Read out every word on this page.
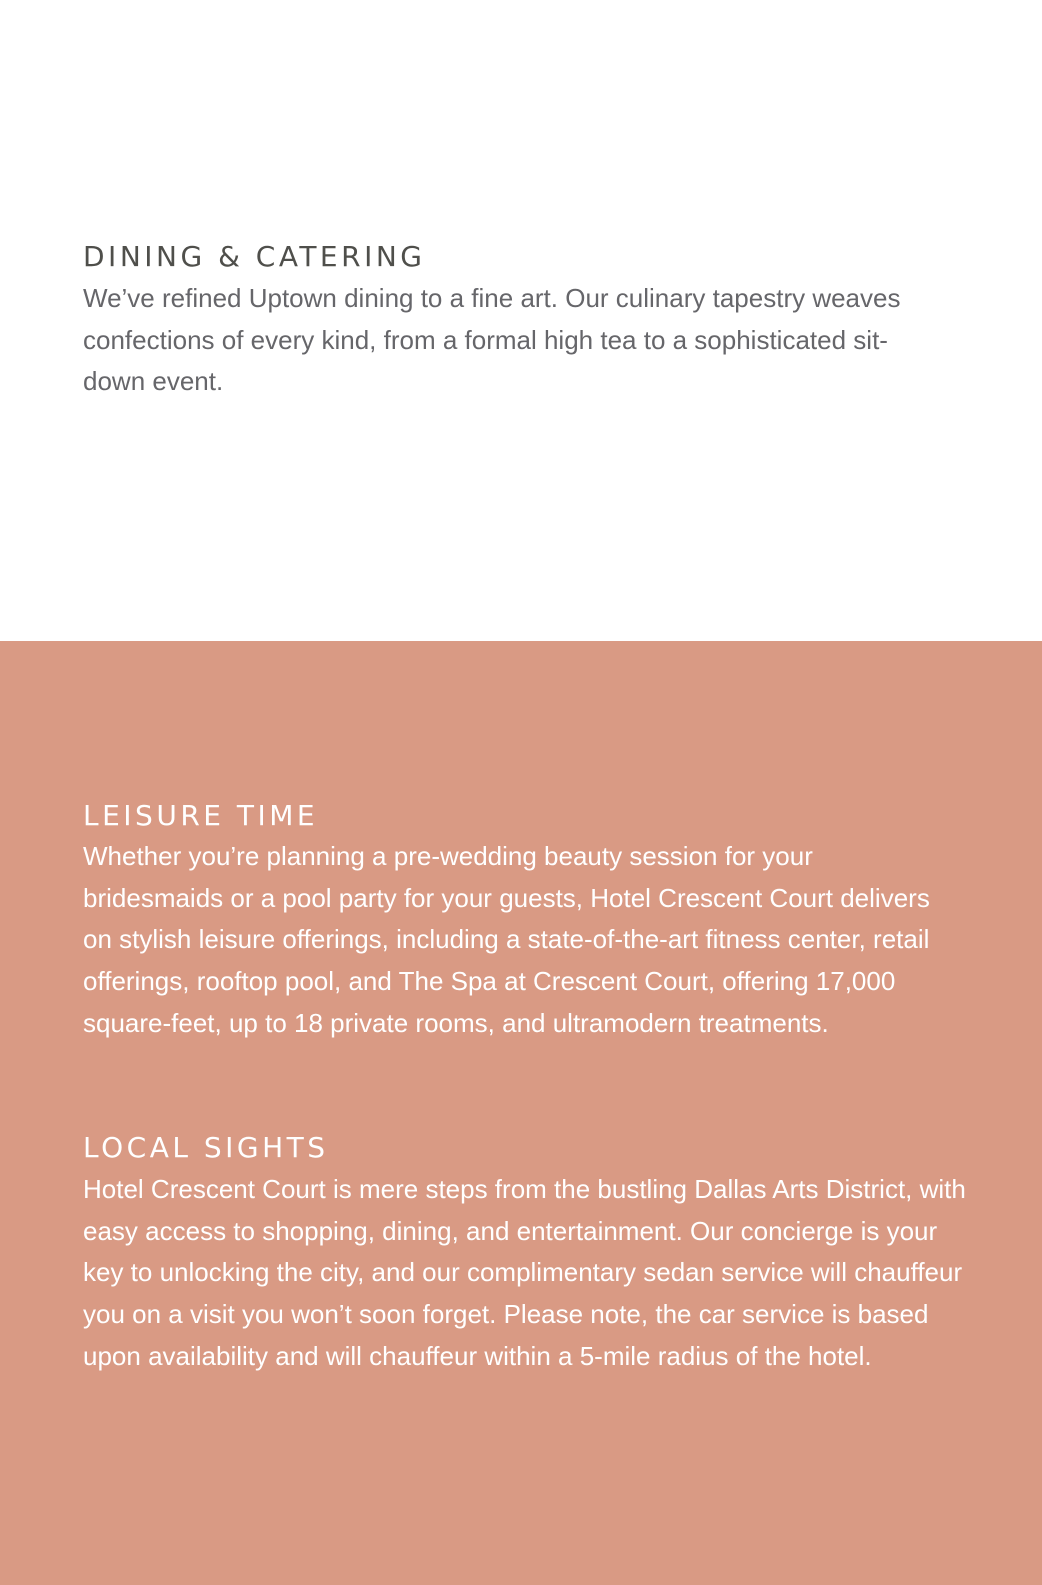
DINING & CATERING

We’ve refined Uptown dining to a fine art. Our culinary tapestry weaves confections of every kind, from a formal high tea to a sophisticated sit-down event.

LEISURE TIME

Whether you’re planning a pre-wedding beauty session for your bridesmaids or a pool party for your guests, Hotel Crescent Court delivers on stylish leisure offerings, including a state-of-the-art fitness center, retail offerings, rooftop pool, and The Spa at Crescent Court, offering 17,000 square-feet, up to 18 private rooms, and ultramodern treatments.

LOCAL SIGHTS

Hotel Crescent Court is mere steps from the bustling Dallas Arts District, with easy access to shopping, dining, and entertainment. Our concierge is your key to unlocking the city, and our complimentary sedan service will chauffeur you on a visit you won’t soon forget. Please note, the car service is based upon availability and will chauffeur within a 5-mile radius of the hotel.
